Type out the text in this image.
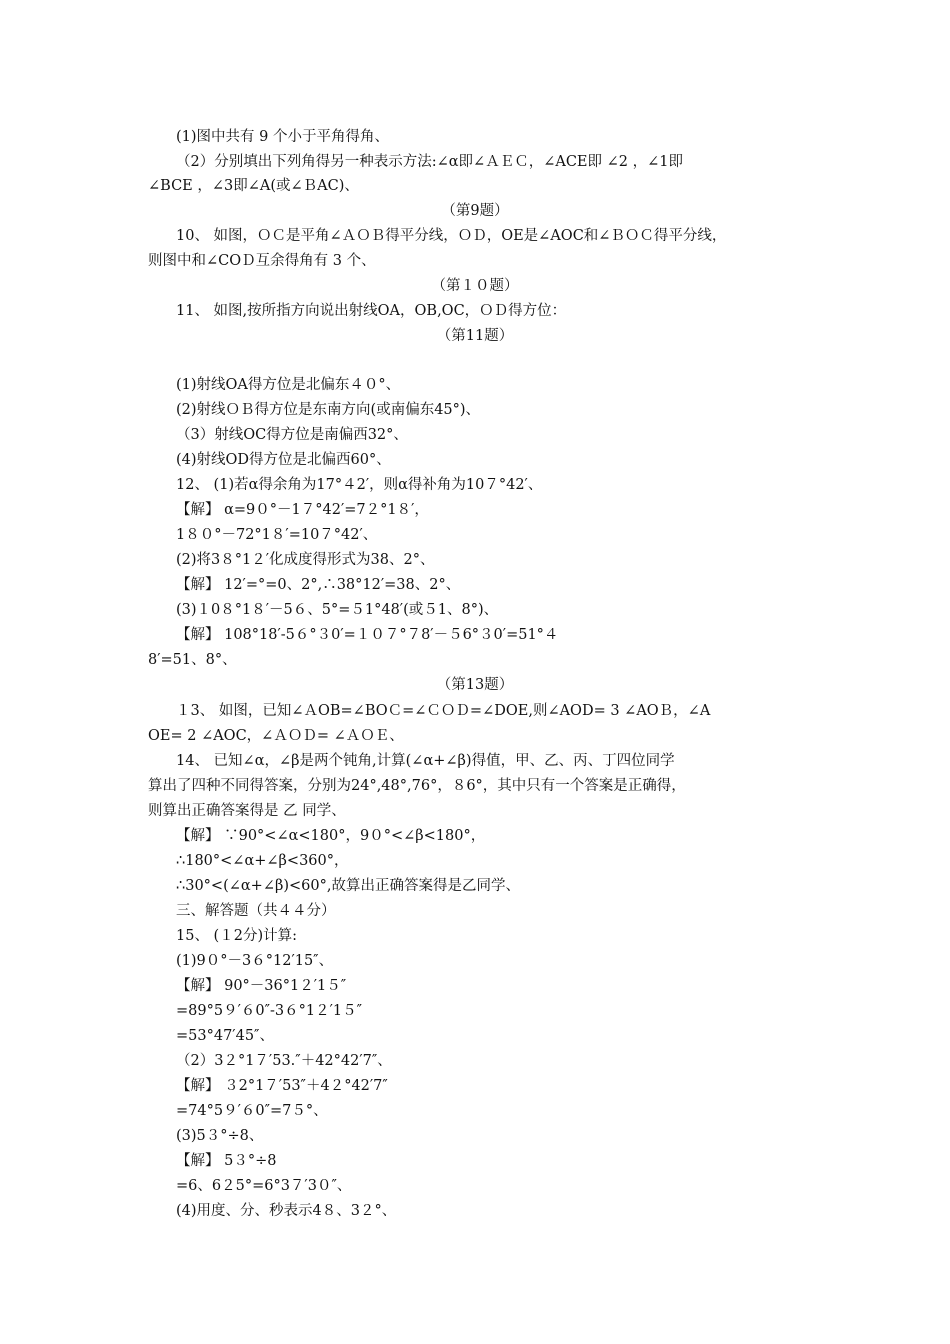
(1)图中共有 9 个小于平角得角、
（2）分别填出下列角得另一种表示方法:∠α即∠ＡＥＣ，∠ACE即 ∠2 ，∠1即
∠BCE ，∠3即∠A(或∠ＢAC)、
（第9题）
10、 如图，ＯＣ是平角∠ＡＯＢ得平分线，ＯＤ，OE是∠AOC和∠ＢＯＣ得平分线，
则图中和∠COＤ互余得角有 3 个、
（第１０题）
11、 如图,按所指方向说出射线OA，OB,OC，ＯＤ得方位：
（第11题）
(1)射线OA得方位是北偏东４０°、
(2)射线ＯＢ得方位是东南方向(或南偏东45°)、
（3）射线OC得方位是南偏西32°、
(4)射线OD得方位是北偏西60°、
12、 (1)若α得余角为17°４2′，则α得补角为10７°42′、
【解】 α=9０°－1７°42′=7２°1８′，
1８０°－72°1８′=10７°42′、
(2)将3８°1２′化成度得形式为38、2°、
【解】 12′=°=0、2°,∴38°12′=38、2°、
(3)１0８°1８′－5６、5°=５1°48′(或５1、8°)、
【解】 108°18′-5６°３0′=１０７°７8′－５6°３0′=51°４
8′=51、8°、
（第13题）
１3、 如图，已知∠ＡOB=∠BOＣ=∠ＣＯＤ=∠DOE,则∠AOD= 3 ∠AOＢ，∠A
OE= 2 ∠AOC，∠ＡＯＤ= ∠ＡＯＥ、
14、 已知∠α，∠β是两个钝角,计算(∠α+∠β)得值，甲、乙、丙、丁四位同学
算出了四种不同得答案，分别为24°,48°,76°，８6°，其中只有一个答案是正确得，
则算出正确答案得是 乙 同学、
【解】 ∵90°<∠α<180°，9０°<∠β<180°，
∴180°<∠α+∠β<360°，
∴30°<(∠α+∠β)<60°,故算出正确答案得是乙同学、
三、解答题（共４４分）
15、 (１2分)计算:
(1)9０°－3６°12′15″、
【解】 90°－36°1２′1５″
=89°5９′６0″-3６°1２′1５″
=53°47′45″、
（2）3２°1７′53.″＋42°42′7″、
【解】 ３2°1７′53″＋4２°42′7″
=74°5９′６0″=7５°、
(3)5３°÷8、
【解】 5３°÷8
=6、6２5°=6°3７′3０″、
(4)用度、分、秒表示4８、3２°、
